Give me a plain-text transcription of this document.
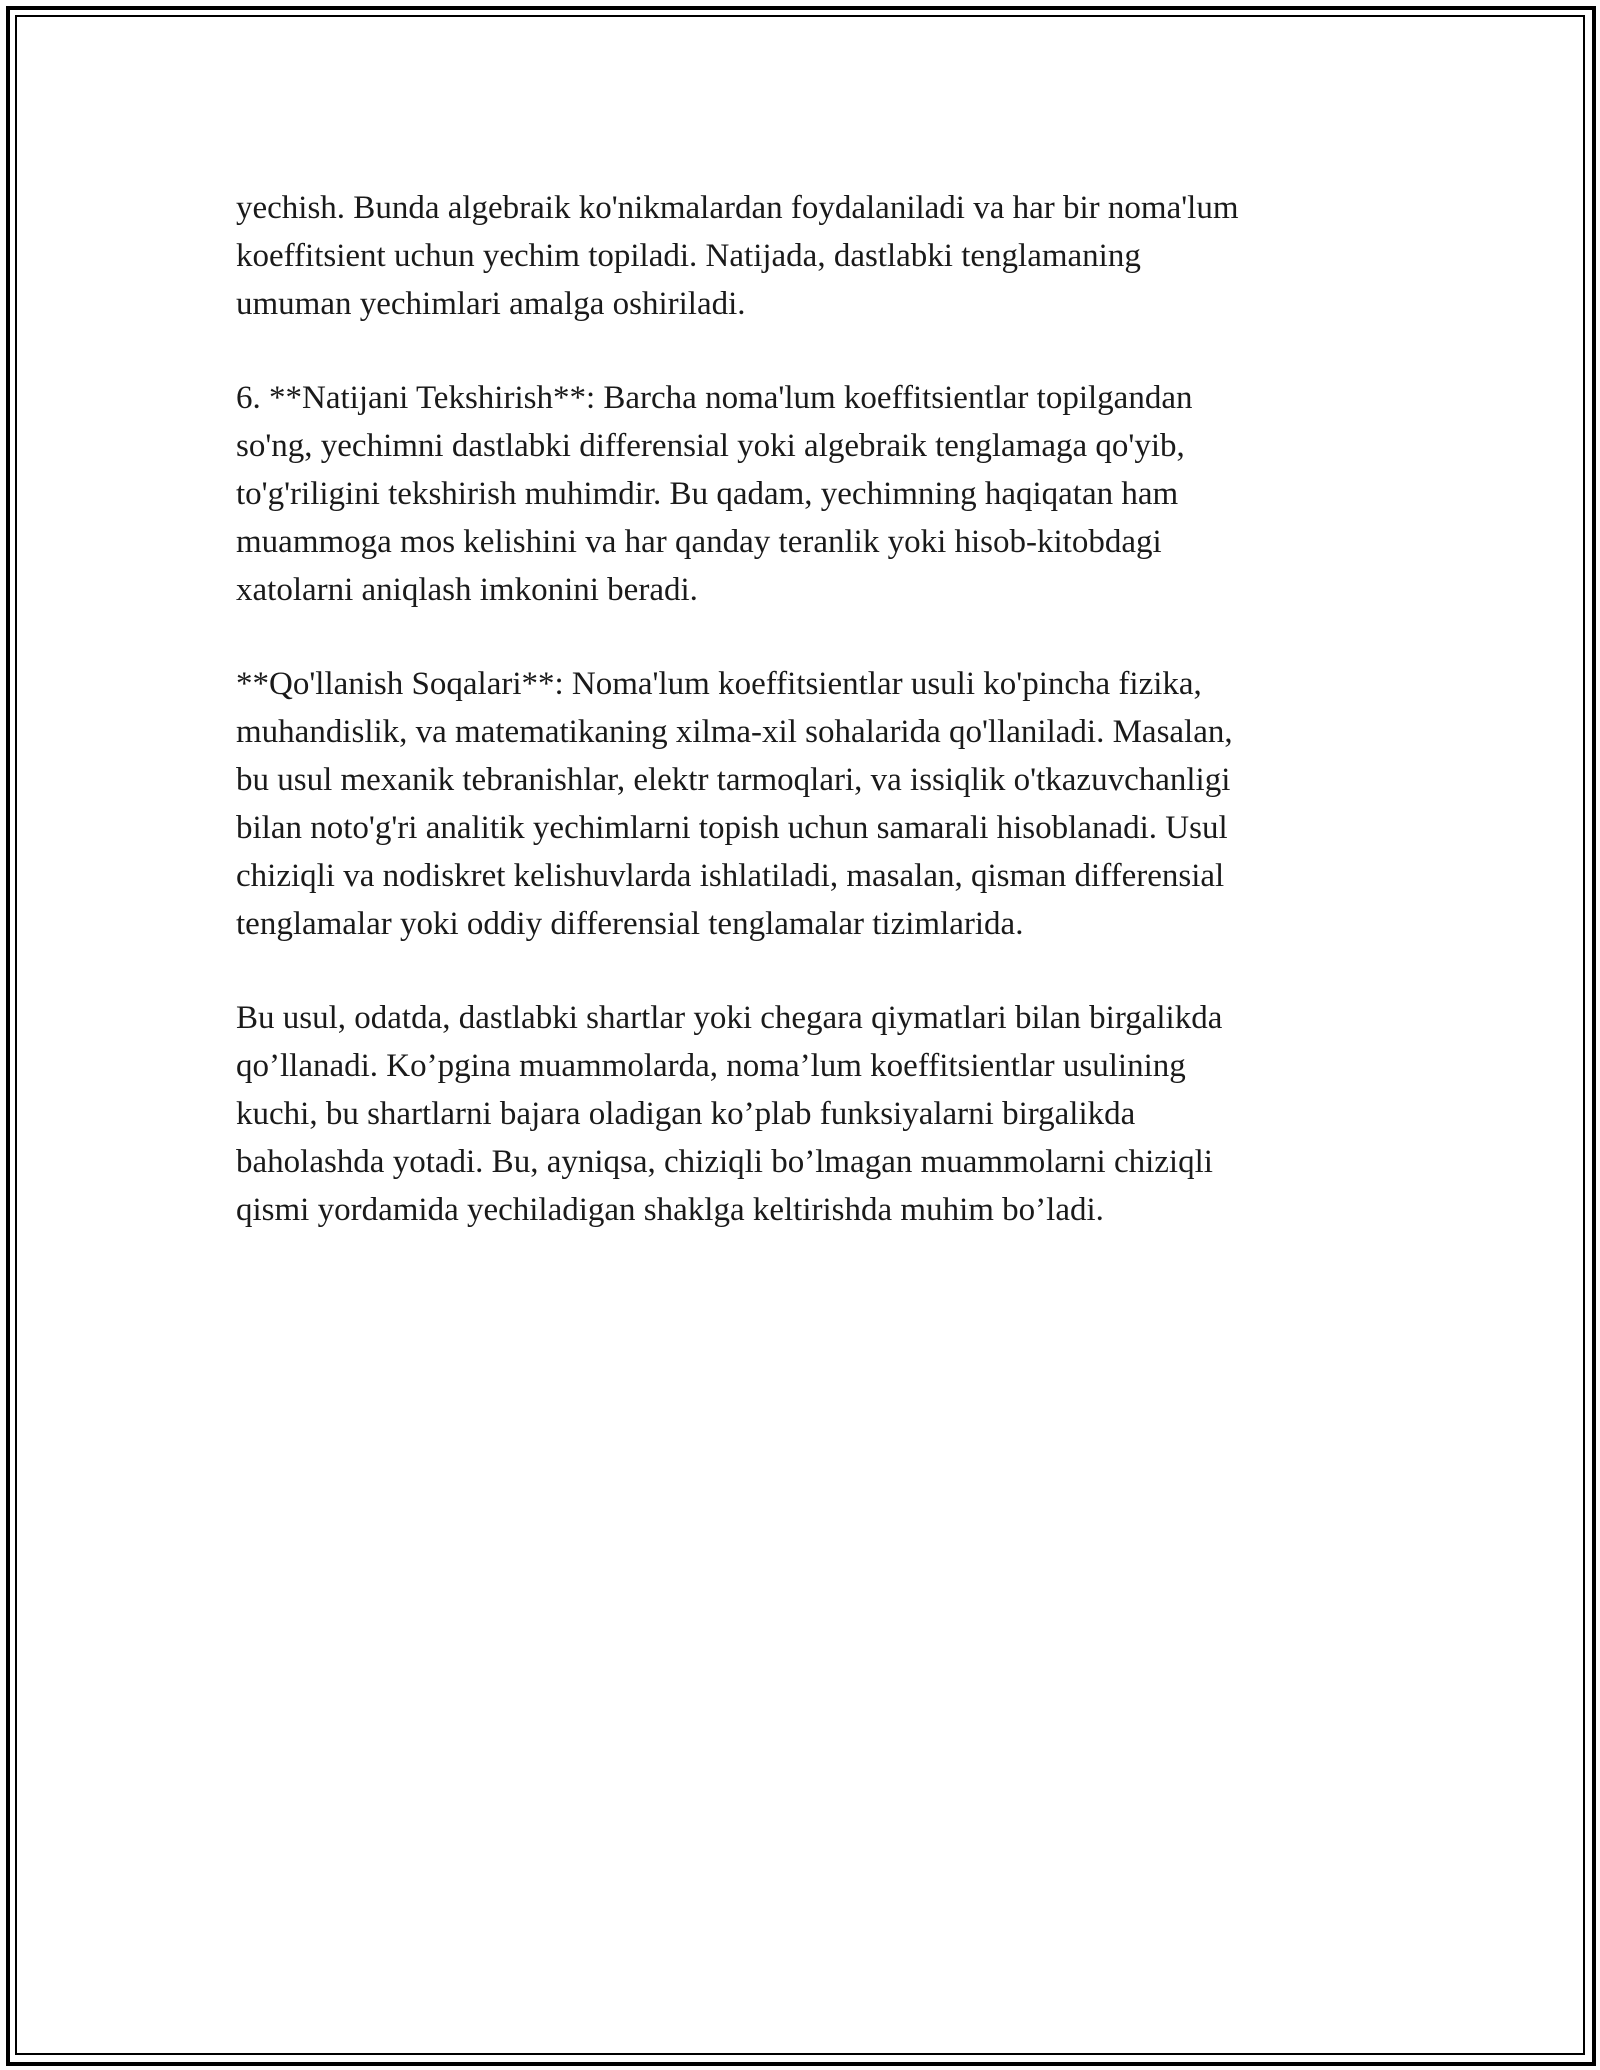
yechish. Bunda algebraik ko'nikmalardan foydalaniladi va har bir noma'lum
koeffitsient uchun yechim topiladi. Natijada, dastlabki tenglamaning
umuman yechimlari amalga oshiriladi.

6. **Natijani Tekshirish**: Barcha noma'lum koeffitsientlar topilgandan
so'ng, yechimni dastlabki differensial yoki algebraik tenglamaga qo'yib,
to'g'riligini tekshirish muhimdir. Bu qadam, yechimning haqiqatan ham
muammoga mos kelishini va har qanday teranlik yoki hisob-kitobdagi
xatolarni aniqlash imkonini beradi.

**Qo'llanish Soqalari**: Noma'lum koeffitsientlar usuli ko'pincha fizika,
muhandislik, va matematikaning xilma-xil sohalarida qo'llaniladi. Masalan,
bu usul mexanik tebranishlar, elektr tarmoqlari, va issiqlik o'tkazuvchanligi
bilan noto'g'ri analitik yechimlarni topish uchun samarali hisoblanadi. Usul
chiziqli va nodiskret kelishuvlarda ishlatiladi, masalan, qisman differensial
tenglamalar yoki oddiy differensial tenglamalar tizimlarida.

Bu usul, odatda, dastlabki shartlar yoki chegara qiymatlari bilan birgalikda
qo’llanadi. Ko’pgina muammolarda, noma’lum koeffitsientlar usulining
kuchi, bu shartlarni bajara oladigan ko’plab funksiyalarni birgalikda
baholashda yotadi. Bu, ayniqsa, chiziqli bo’lmagan muammolarni chiziqli
qismi yordamida yechiladigan shaklga keltirishda muhim bo’ladi.
